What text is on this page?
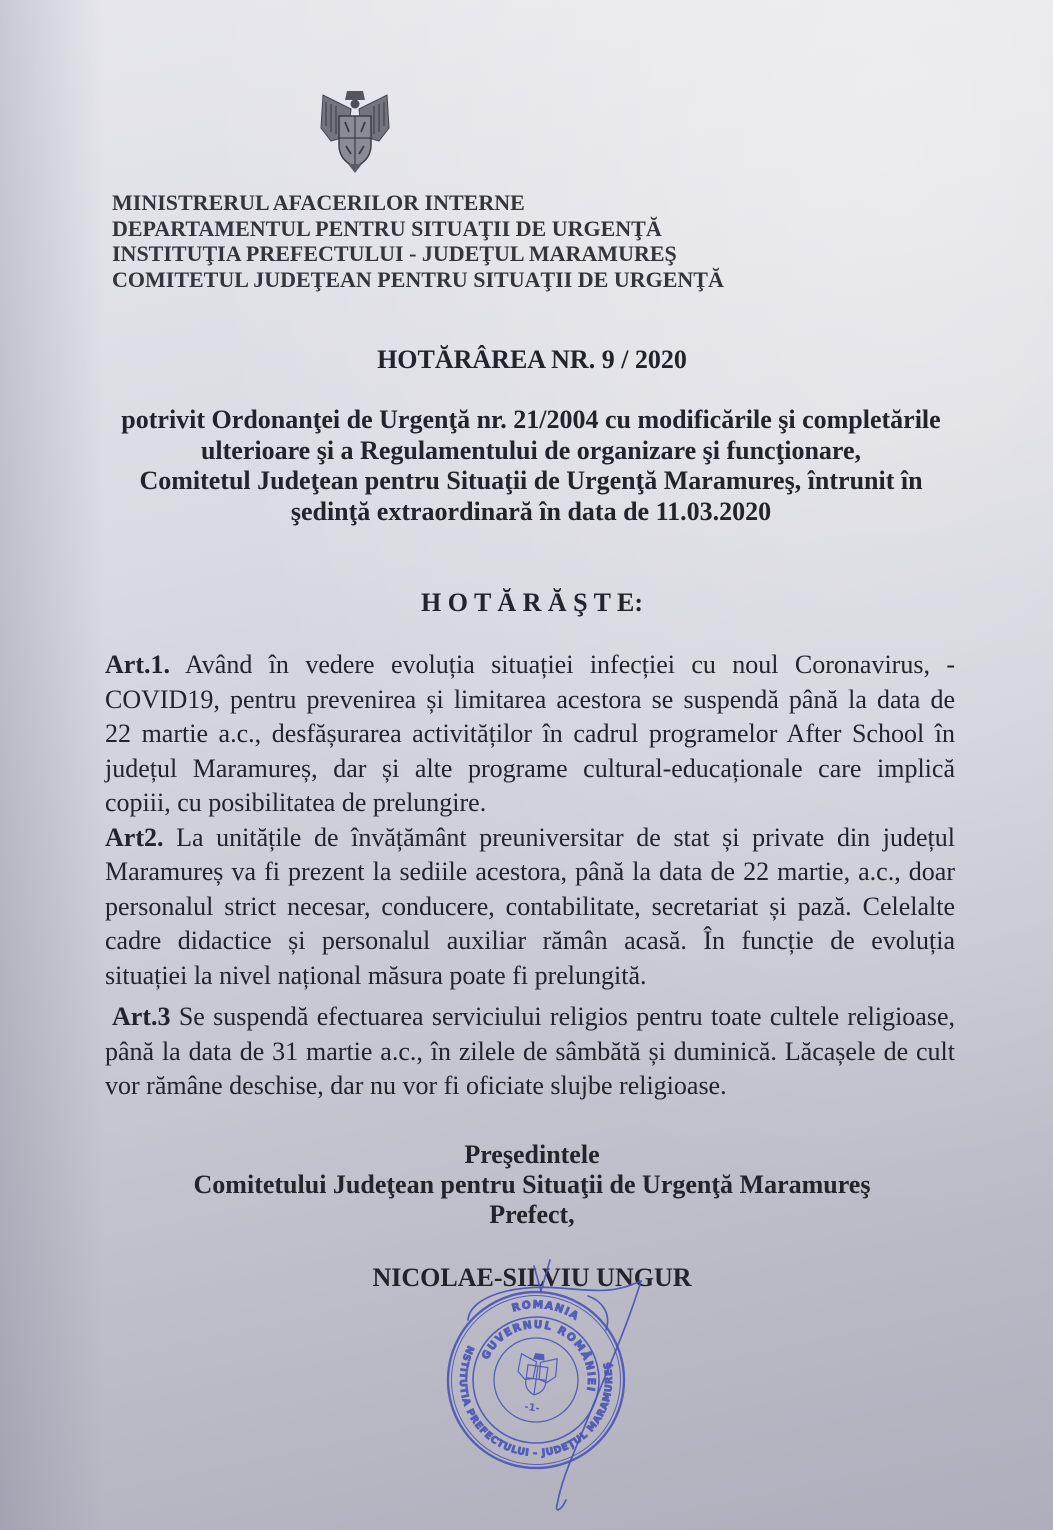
MINISTRERUL AFACERILOR INTERNE
DEPARTAMENTUL PENTRU SITUAŢII DE URGENŢĂ
INSTITUŢIA PREFECTULUI - JUDEŢUL MARAMUREŞ
COMITETUL JUDEŢEAN PENTRU SITUAŢII DE URGENŢĂ
HOTĂRÂREA NR. 9 / 2020
potrivit Ordonanţei de Urgenţă nr. 21/2004 cu modificările şi completările
ulterioare şi a Regulamentului de organizare şi funcţionare,
Comitetul Judeţean pentru Situaţii de Urgenţă Maramureş, întrunit în
şedinţă extraordinară în data de 11.03.2020
H O T Ă R Ă Ş T E:
Art.1. Având în vedere evoluția situației infecției cu noul Coronavirus, -
COVID19, pentru prevenirea și limitarea acestora se suspendă până la data de
22 martie a.c., desfășurarea activităților în cadrul programelor After School în
județul Maramureș, dar și alte programe cultural-educaționale care implică
copiii, cu posibilitatea de prelungire.
Art2. La unitățile de învățământ preuniversitar de stat și private din județul
Maramureș va fi prezent la sediile acestora, până la data de 22 martie, a.c., doar
personalul strict necesar, conducere, contabilitate, secretariat și pază. Celelalte
cadre didactice și personalul auxiliar rămân acasă. În funcție de evoluția
situației la nivel național măsura poate fi prelungită.
Art.3 Se suspendă efectuarea serviciului religios pentru toate cultele religioase,
până la data de 31 martie a.c., în zilele de sâmbătă și duminică. Lăcașele de cult
vor rămâne deschise, dar nu vor fi oficiate slujbe religioase.
Preşedintele
Comitetului Judeţean pentru Situaţii de Urgenţă Maramureş
Prefect,
NICOLAE-SILVIU UNGUR
ROMANIA
INSTITUTIA PREFECTULUI - JUDEȚUL MARAMUREȘ
GUVERNUL ROMÂNIEI
-1-
